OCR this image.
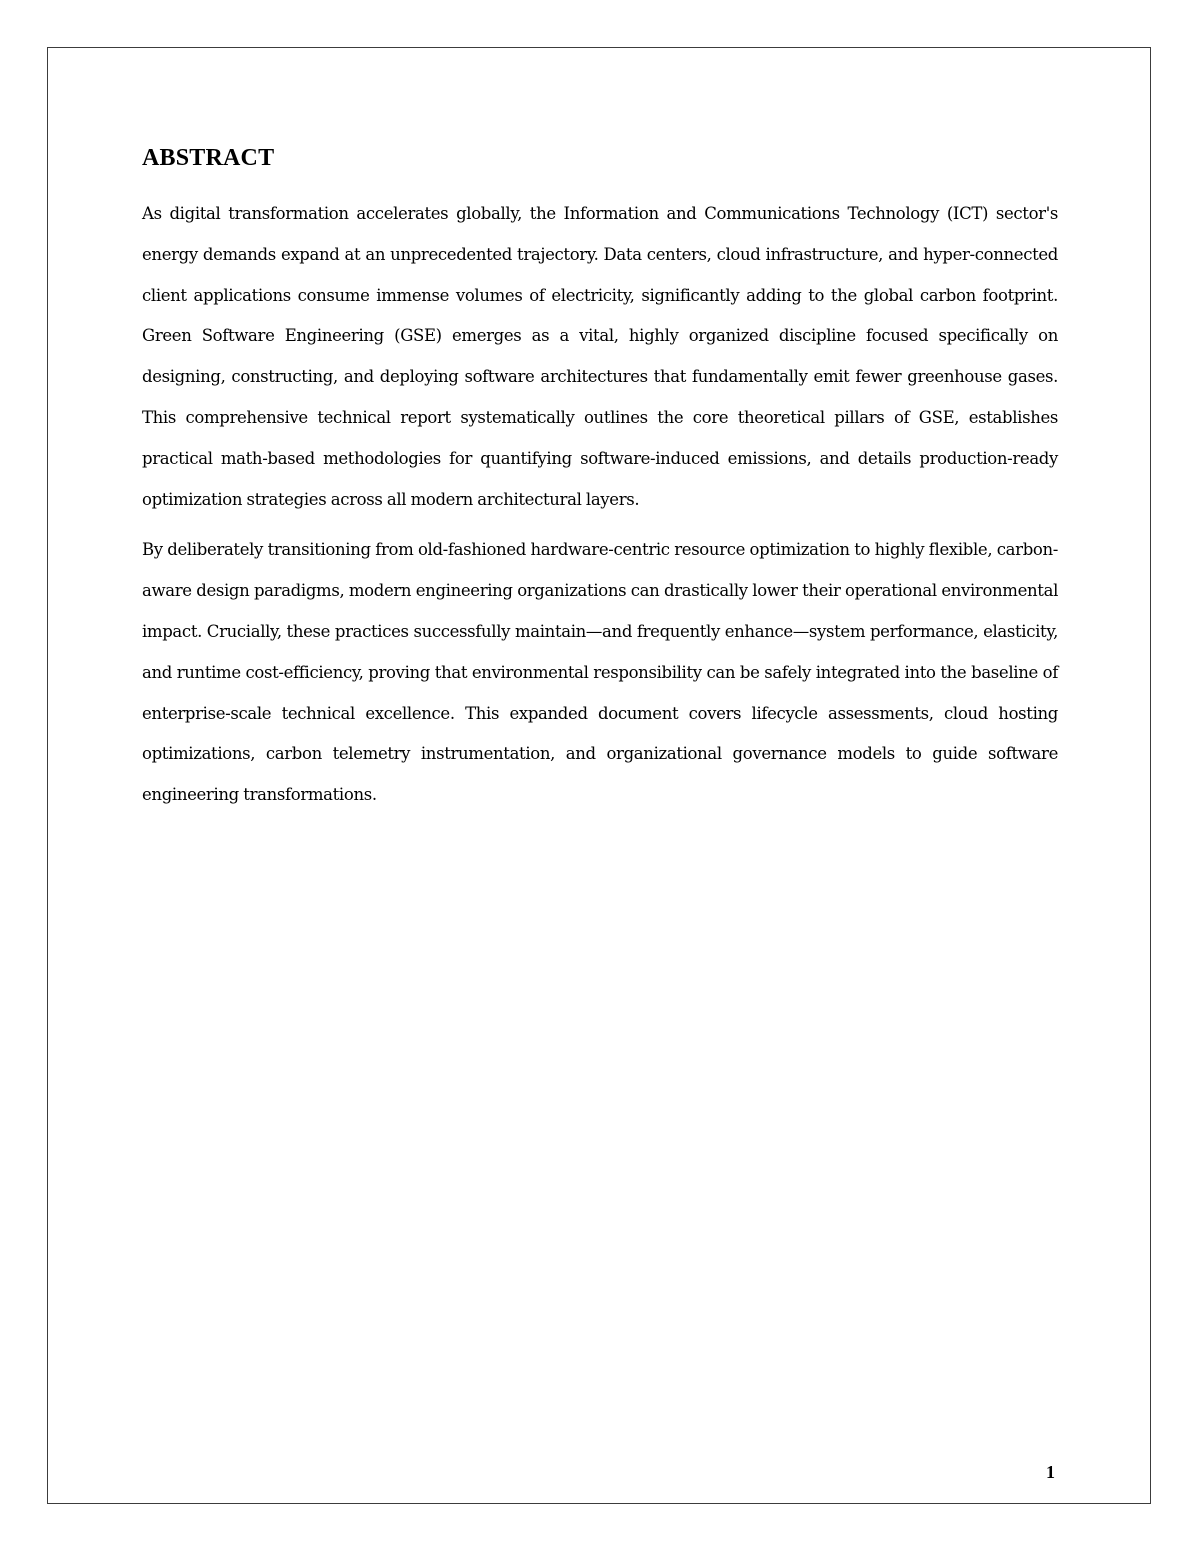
ABSTRACT

As digital transformation accelerates globally, the Information and Communications Technology (ICT) sector's energy demands expand at an unprecedented trajectory. Data centers, cloud infrastructure, and hyper-connected client applications consume immense volumes of electricity, significantly adding to the global carbon footprint. Green Software Engineering (GSE) emerges as a vital, highly organized discipline focused specifically on designing, constructing, and deploying software architectures that fundamentally emit fewer greenhouse gases. This comprehensive technical report systematically outlines the core theoretical pillars of GSE, establishes practical math-based methodologies for quantifying software-induced emissions, and details production-ready optimization strategies across all modern architectural layers.

By deliberately transitioning from old-fashioned hardware-centric resource optimization to highly flexible, carbon-aware design paradigms, modern engineering organizations can drastically lower their operational environmental impact. Crucially, these practices successfully maintain—and frequently enhance—system performance, elasticity, and runtime cost-efficiency, proving that environmental responsibility can be safely integrated into the baseline of enterprise-scale technical excellence. This expanded document covers lifecycle assessments, cloud hosting optimizations, carbon telemetry instrumentation, and organizational governance models to guide software engineering transformations.

1
